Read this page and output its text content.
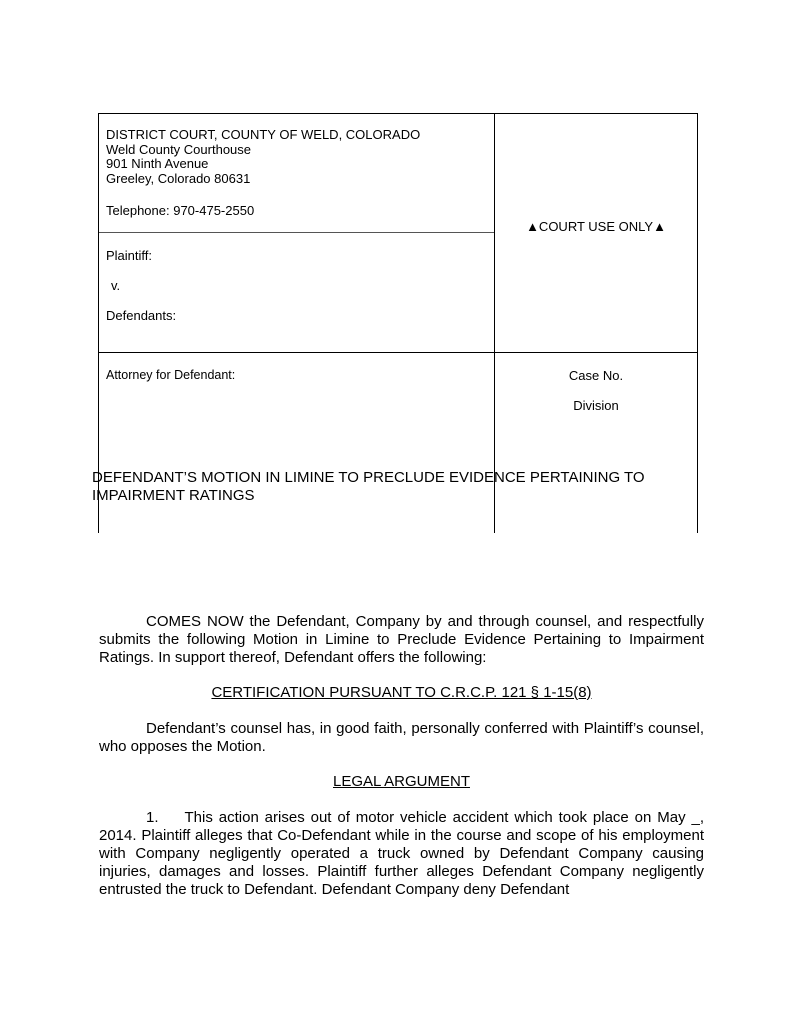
DISTRICT COURT, COUNTY OF WELD, COLORADO
Weld County Courthouse
901 Ninth Avenue
Greeley, Colorado 80631
Telephone: 970-475-2550
▲COURT USE ONLY▲
Plaintiff:
v.
Defendants:
Attorney for Defendant:	Case No.
Division
DEFENDANT’S MOTION IN LIMINE TO PRECLUDE EVIDENCE PERTAINING TO
IMPAIRMENT RATINGS
COMES NOW the Defendant, Company by and through counsel, and respectfully submits the following Motion in Limine to Preclude Evidence Pertaining to Impairment Ratings. In support thereof, Defendant offers the following:
CERTIFICATION PURSUANT TO C.R.C.P. 121 § 1-15(8)
Defendant’s counsel has, in good faith, personally conferred with Plaintiff’s counsel, who opposes the Motion.
LEGAL ARGUMENT
1. This action arises out of motor vehicle accident which took place on May _, 2014. Plaintiff alleges that Co-Defendant while in the course and scope of his employment with Company negligently operated a truck owned by Defendant Company causing injuries, damages and losses. Plaintiff further alleges Defendant Company negligently entrusted the truck to Defendant. Defendant Company deny Defendant
